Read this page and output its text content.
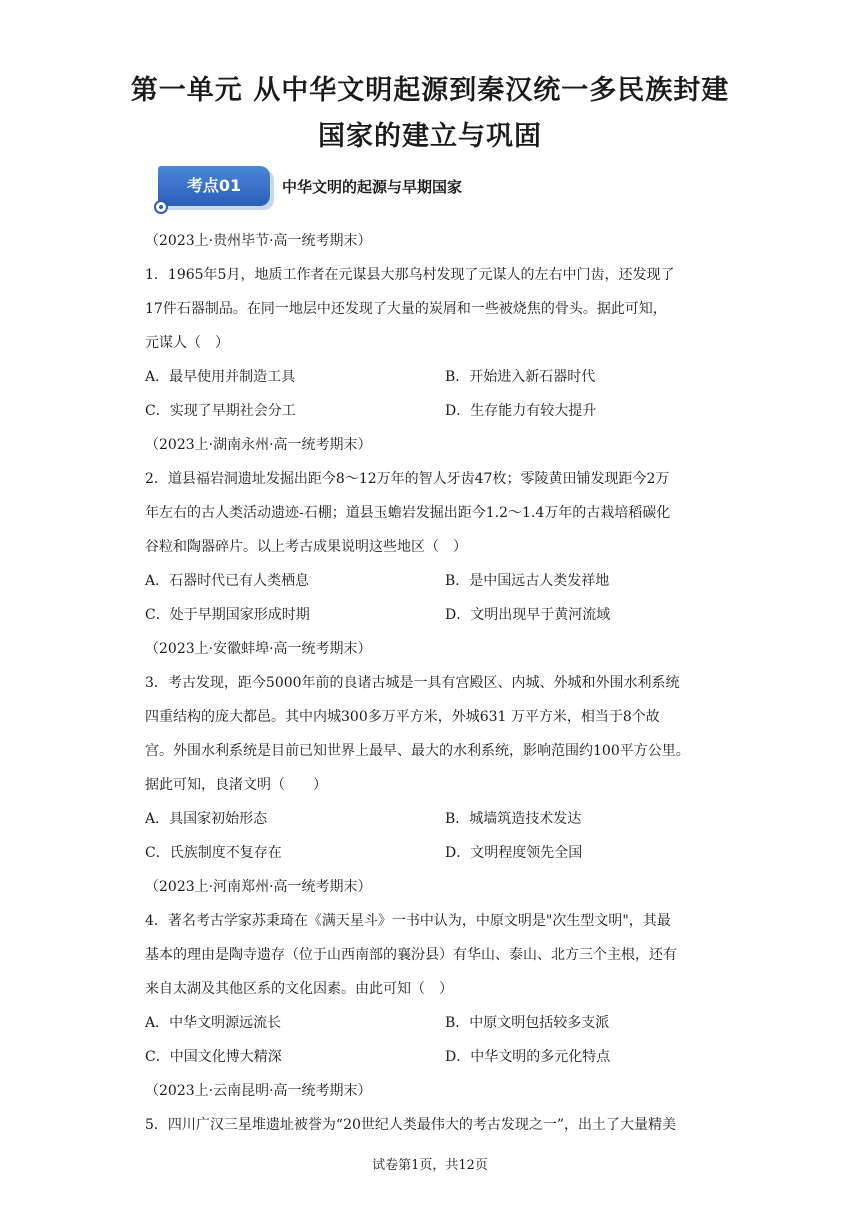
第一单元 从中华文明起源到秦汉统一多民族封建
国家的建立与巩固
考点01	中华文明的起源与早期国家
（2023上·贵州毕节·高一统考期末）

1．1965年5月，地质工作者在元谋县大那乌村发现了元谋人的左右中门齿，还发现了

17件石器制品。在同一地层中还发现了大量的炭屑和一些被烧焦的骨头。据此可知，

元谋人（　）

A．最早使用并制造工具	B．开始进入新石器时代
C．实现了早期社会分工	D．生存能力有较大提升
（2023上·湖南永州·高一统考期末）

2．道县福岩洞遗址发掘出距今8～12万年的智人牙齿47枚；零陵黄田铺发现距今2万

年左右的古人类活动遗迹-石棚；道县玉蟾岩发掘出距今1.2～1.4万年的古栽培稻碳化

谷粒和陶器碎片。以上考古成果说明这些地区（　）

A．石器时代已有人类栖息	B．是中国远古人类发祥地
C．处于早期国家形成时期	D．文明出现早于黄河流域
（2023上·安徽蚌埠·高一统考期末）

3．考古发现，距今5000年前的良诸古城是一具有宫殿区、内城、外城和外围水利系统

四重结构的庞大都邑。其中内城300多万平方米，外城631 万平方米，相当于8个故

宫。外围水利系统是目前已知世界上最早、最大的水利系统，影响范围约100平方公里。

据此可知，良渚文明（　　）

A．具国家初始形态	B．城墙筑造技术发达
C．氏族制度不复存在	D．文明程度领先全国
（2023上·河南郑州·高一统考期末）

4．著名考古学家苏秉琦在《满天星斗》一书中认为，中原文明是"次生型文明"，其最

基本的理由是陶寺遗存（位于山西南部的襄汾县）有华山、泰山、北方三个主根，还有

来自太湖及其他区系的文化因素。由此可知（　）

A．中华文明源远流长	B．中原文明包括较多支派
C．中国文化博大精深	D．中华文明的多元化特点
（2023上·云南昆明·高一统考期末）

5．四川广汉三星堆遗址被誉为“20世纪人类最伟大的考古发现之一”，出土了大量精美

试卷第1页，共12页
